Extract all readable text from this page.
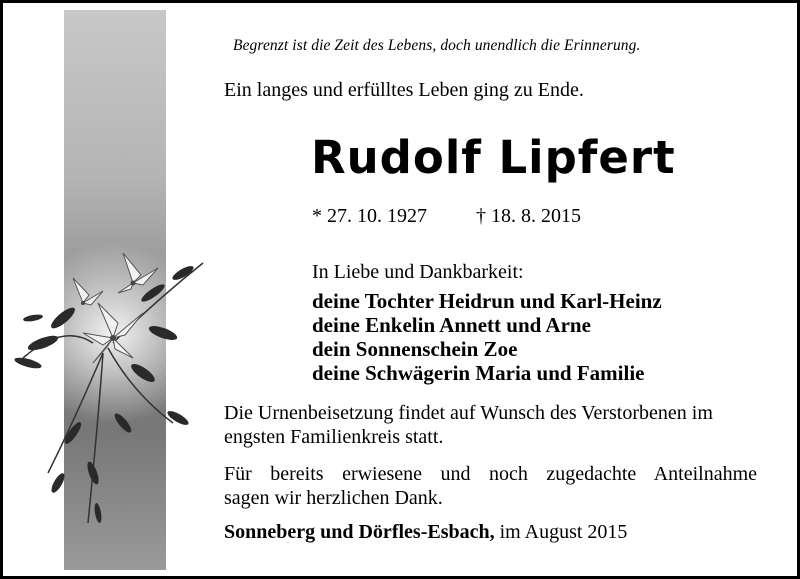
Begrenzt ist die Zeit des Lebens, doch unendlich die Erinnerung.
Ein langes und erfülltes Leben ging zu Ende.
Rudolf Lipfert
* 27. 10. 1927 † 18. 8. 2015
In Liebe und Dankbarkeit:
deine Tochter Heidrun und Karl-Heinz
deine Enkelin Annett und Arne
dein Sonnenschein Zoe
deine Schwägerin Maria und Familie
Die Urnenbeisetzung findet auf Wunsch des Verstorbenen im engsten Familienkreis statt.
Für bereits erwiesene und noch zugedachte Anteilnahme
sagen wir herzlichen Dank.
Sonneberg und Dörfles-Esbach, im August 2015
